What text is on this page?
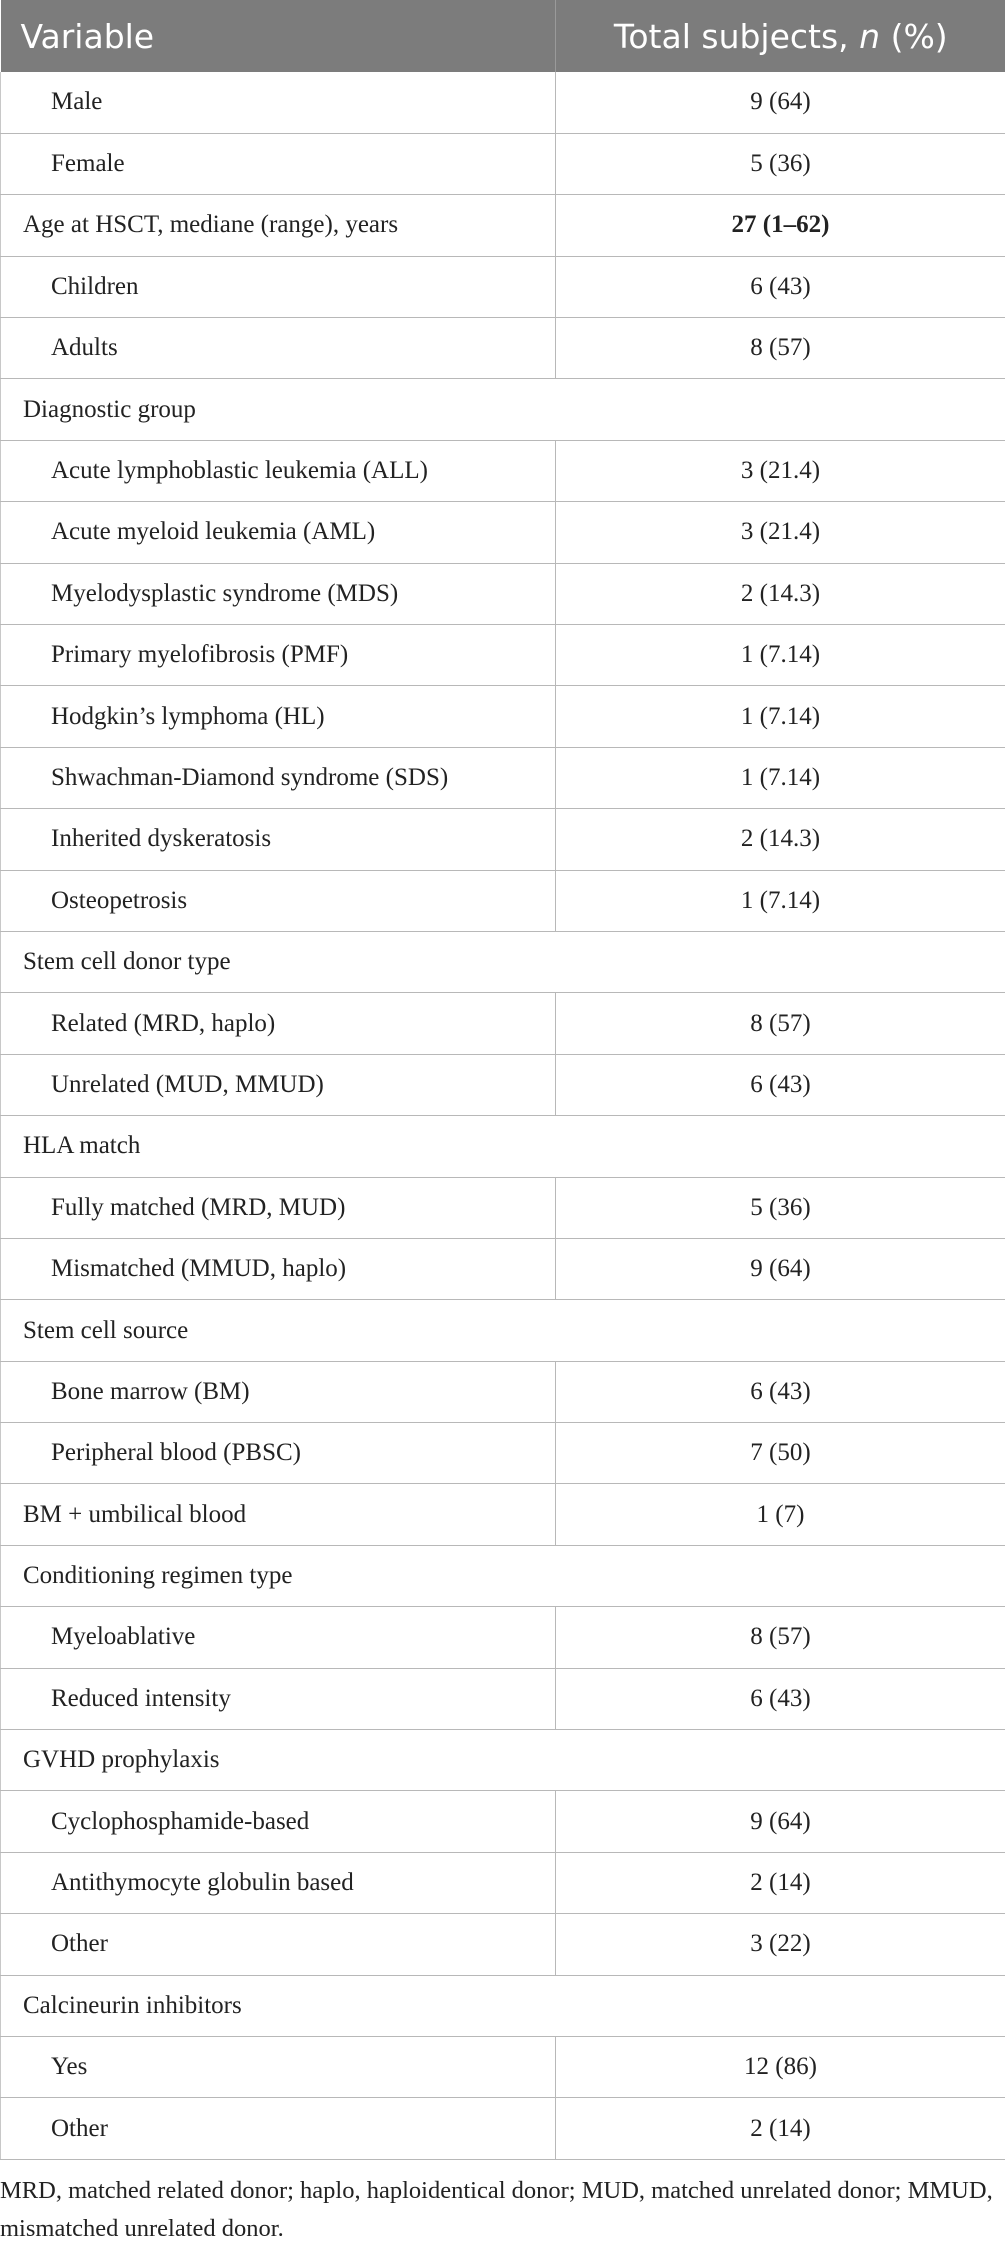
Variable	Total subjects, n (%)
Male	9 (64)
Female	5 (36)
Age at HSCT, mediane (range), years	27 (1–62)
Children	6 (43)
Adults	8 (57)
Diagnostic group	
Acute lymphoblastic leukemia (ALL)	3 (21.4)
Acute myeloid leukemia (AML)	3 (21.4)
Myelodysplastic syndrome (MDS)	2 (14.3)
Primary myelofibrosis (PMF)	1 (7.14)
Hodgkin’s lymphoma (HL)	1 (7.14)
Shwachman-Diamond syndrome (SDS)	1 (7.14)
Inherited dyskeratosis	2 (14.3)
Osteopetrosis	1 (7.14)
Stem cell donor type	
Related (MRD, haplo)	8 (57)
Unrelated (MUD, MMUD)	6 (43)
HLA match	
Fully matched (MRD, MUD)	5 (36)
Mismatched (MMUD, haplo)	9 (64)
Stem cell source	
Bone marrow (BM)	6 (43)
Peripheral blood (PBSC)	7 (50)
BM + umbilical blood	1 (7)
Conditioning regimen type	
Myeloablative	8 (57)
Reduced intensity	6 (43)
GVHD prophylaxis	
Cyclophosphamide-based	9 (64)
Antithymocyte globulin based	2 (14)
Other	3 (22)
Calcineurin inhibitors	
Yes	12 (86)
Other	2 (14)
MRD, matched related donor; haplo, haploidentical donor; MUD, matched unrelated donor; MMUD, mismatched unrelated donor.
